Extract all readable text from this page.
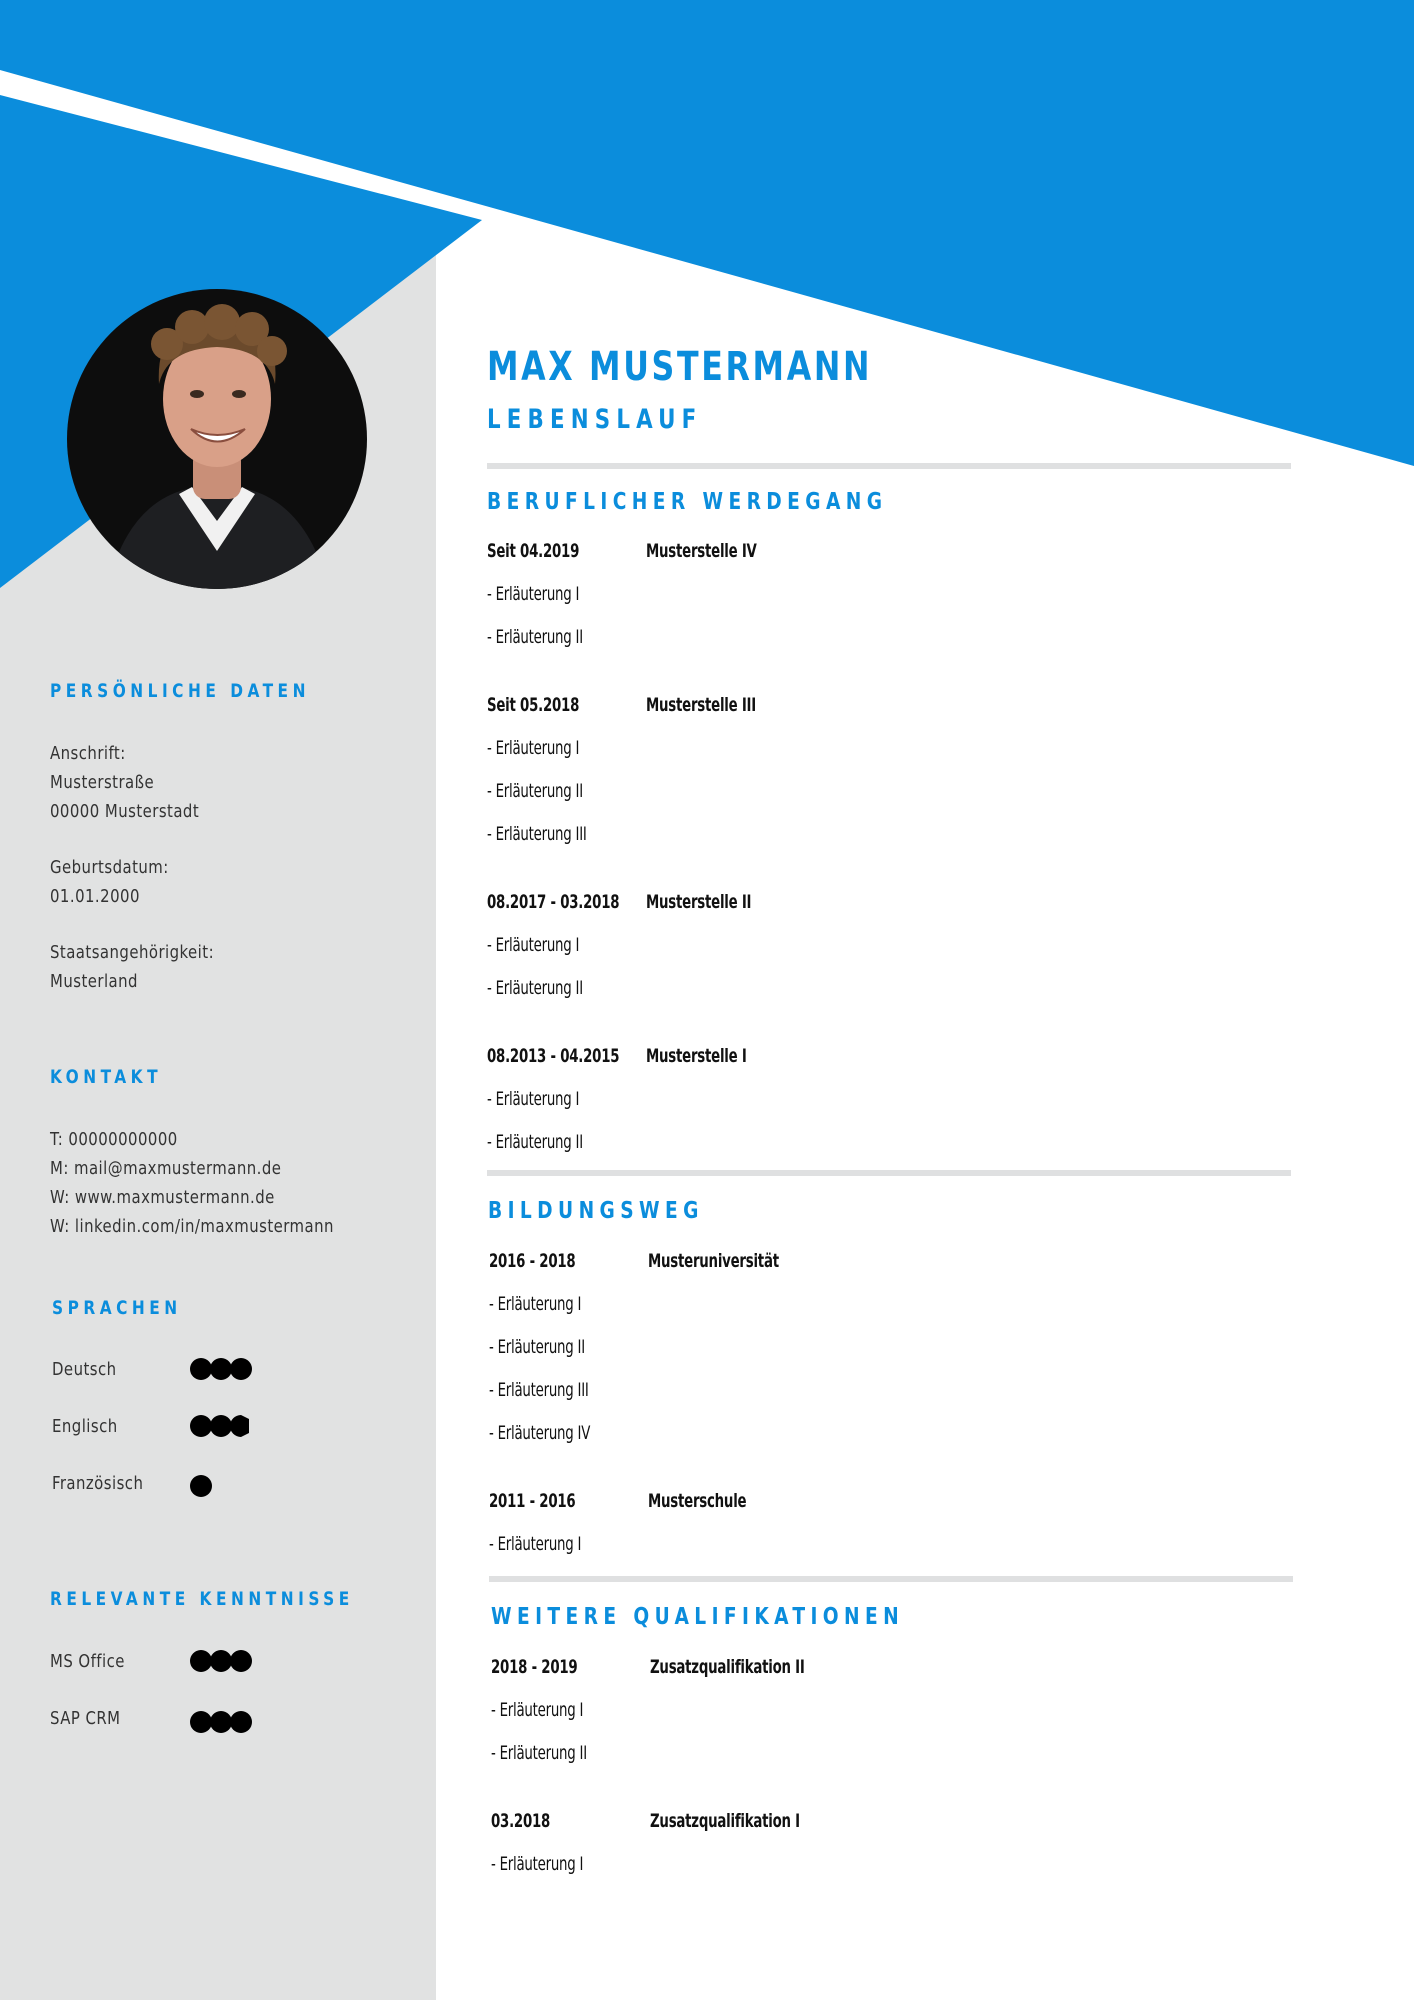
MAX MUSTERMANN
LEBENSLAUF
PERSÖNLICHE DATEN
Anschrift:
Musterstraße
00000 Musterstadt
Geburtsdatum:
01.01.2000
Staatsangehörigkeit:
Musterland
KONTAKT
T: 00000000000
M: mail@maxmustermann.de
W: www.maxmustermann.de
W: linkedin.com/in/maxmustermann
SPRACHEN
Deutsch
Englisch
Französisch
RELEVANTE KENNTNISSE
MS Office
SAP CRM
BERUFLICHER WERDEGANG
Seit 04.2019	Musterstelle IV
- Erläuterung I
- Erläuterung II
Seit 05.2018	Musterstelle III
- Erläuterung I
- Erläuterung II
- Erläuterung III
08.2017 - 03.2018 Musterstelle II
- Erläuterung I
- Erläuterung II
08.2013 - 04.2015 Musterstelle I
- Erläuterung I
- Erläuterung II
BILDUNGSWEG
2016 - 2018	Musteruniversität
- Erläuterung I
- Erläuterung II
- Erläuterung III
- Erläuterung IV
2011 - 2016	Musterschule
- Erläuterung I
WEITERE QUALIFIKATIONEN
2018 - 2019	Zusatzqualifikation II
- Erläuterung I
- Erläuterung II
03.2018	Zusatzqualifikation I
- Erläuterung I
